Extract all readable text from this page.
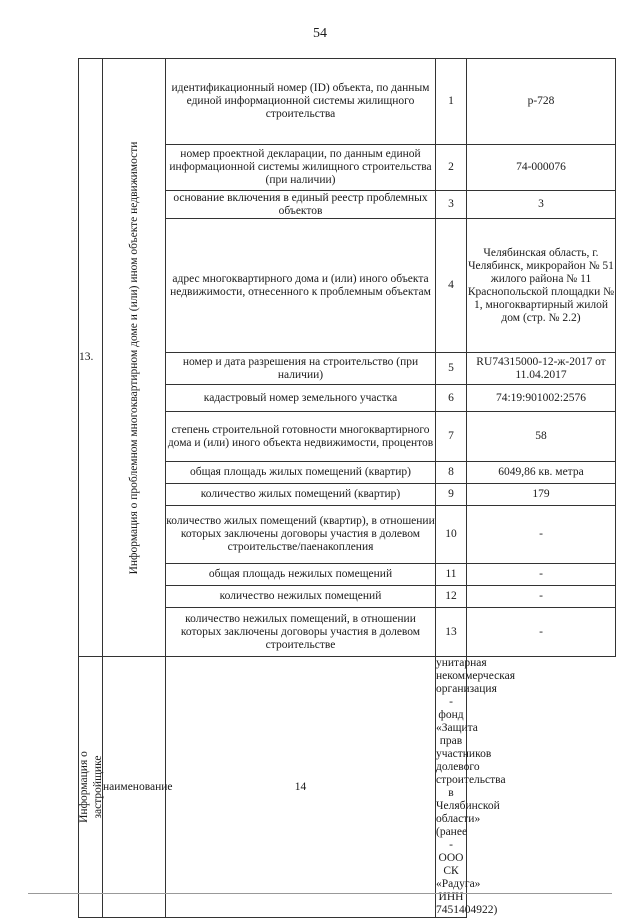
54
13.	Информация о проблемном многоквартирном доме и (или) ином объекте недвижимости	идентификационный номер (ID) объекта, по данным единой информационной системы жилищного строительства	1	р-728
		номер проектной декларации, по данным единой информационной системы жилищного строительства (при наличии)	2	74-000076
		основание включения в единый реестр проблемных объектов	3	3
		адрес многоквартирного дома и (или) иного объекта недвижимости, отнесенного к проблемным объектам	4	Челябинская область, г. Челябинск, микрорайон № 51 жилого района № 11 Краснопольской площадки № 1, многоквартирный жилой дом (стр. № 2.2)
		номер и дата разрешения на строительство (при наличии)	5	RU74315000-12-ж-2017 от 11.04.2017
		кадастровый номер земельного участка	6	74:19:901002:2576
		степень строительной готовности многоквартирного дома и (или) иного объекта недвижимости, процентов	7	58
		общая площадь жилых помещений (квартир)	8	6049,86 кв. метра
		количество жилых помещений (квартир)	9	179
		количество жилых помещений (квартир), в отношении которых заключены договоры участия в долевом строительстве/паенакопления	10	-
		общая площадь нежилых помещений	11	-
		количество нежилых помещений	12	-
		количество нежилых помещений, в отношении которых заключены договоры участия в долевом строительстве	13	-

Информация о застройщике	наименование	14	унитарная некоммерческая организация - фонд «Защита прав участников долевого строительства в Челябинской области» (ранее - ООО СК «Радуга» ИНН 7451404922)	
